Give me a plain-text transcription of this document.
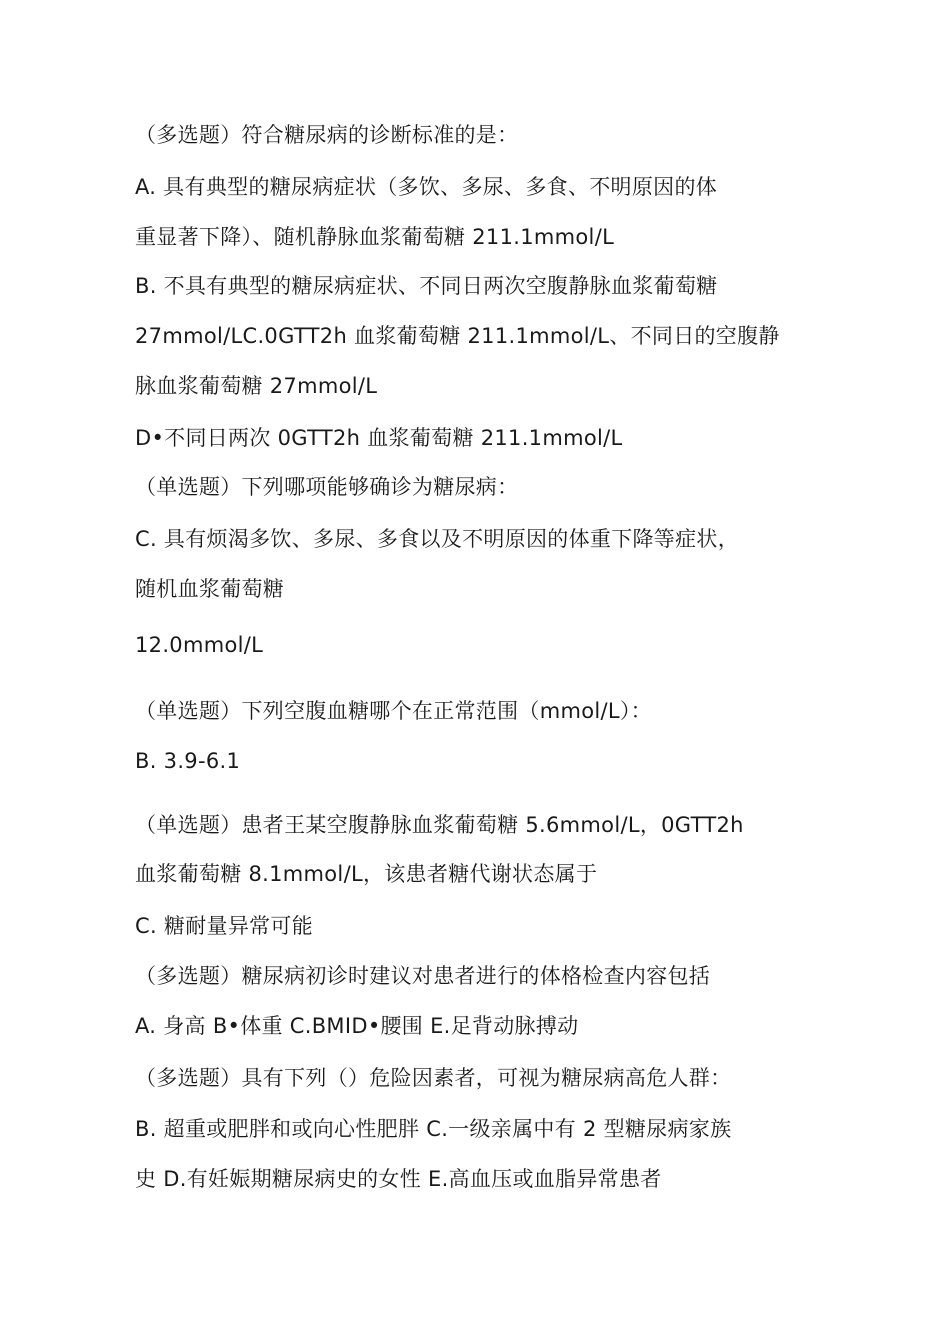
（多选题）符合糖尿病的诊断标准的是：
A. 具有典型的糖尿病症状（多饮、多尿、多食、不明原因的体
重显著下降）、随机静脉血浆葡萄糖 211.1mmol/L
B. 不具有典型的糖尿病症状、不同日两次空腹静脉血浆葡萄糖
27mmol/LC.0GTT2h 血浆葡萄糖 211.1mmol/L、不同日的空腹静
脉血浆葡萄糖 27mmol/L
D•不同日两次 0GTT2h 血浆葡萄糖 211.1mmol/L
（单选题）下列哪项能够确诊为糖尿病：
C. 具有烦渴多饮、多尿、多食以及不明原因的体重下降等症状，
随机血浆葡萄糖
12.0mmol/L
（单选题）下列空腹血糖哪个在正常范围（mmol/L）：
B. 3.9-6.1
（单选题）患者王某空腹静脉血浆葡萄糖 5.6mmol/L，0GTT2h
血浆葡萄糖 8.1mmol/L，该患者糖代谢状态属于
C. 糖耐量异常可能
（多选题）糖尿病初诊时建议对患者进行的体格检查内容包括
A. 身高 B•体重 C.BMID•腰围 E.足背动脉搏动
（多选题）具有下列（）危险因素者，可视为糖尿病高危人群：
B. 超重或肥胖和或向心性肥胖 C.一级亲属中有 2 型糖尿病家族
史 D.有妊娠期糖尿病史的女性 E.高血压或血脂异常患者
